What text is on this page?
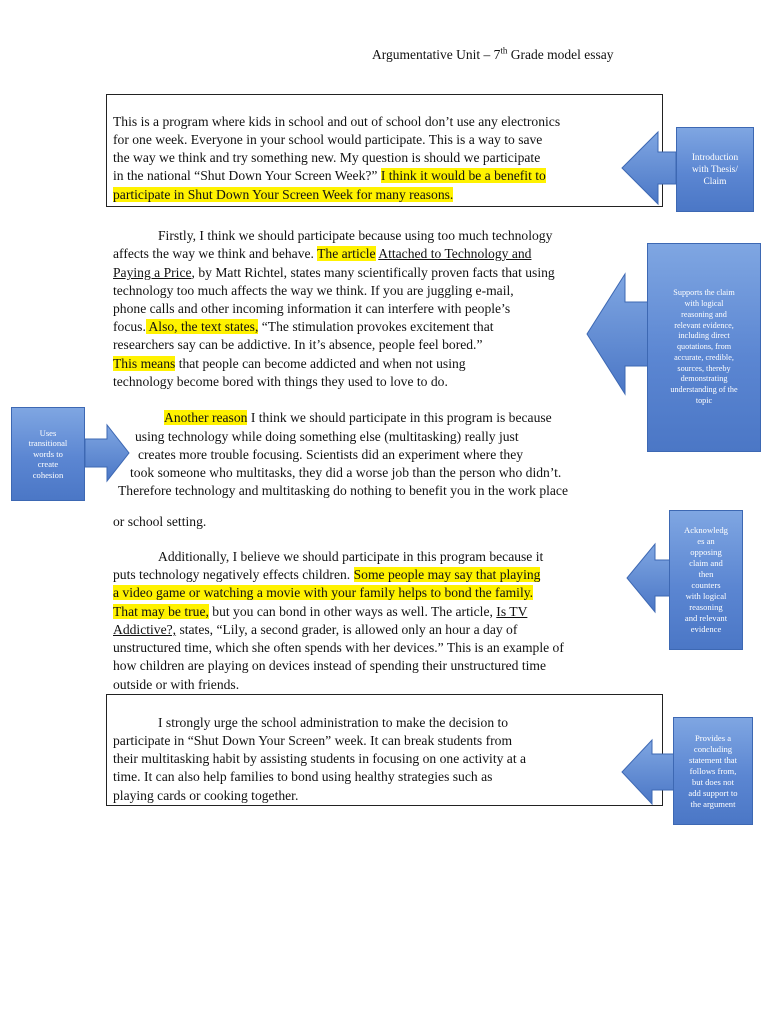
Argumentative Unit – 7th Grade model essay
This is a program where kids in school and out of school don’t use any electronics
for one week. Everyone in your school would participate. This is a way to save
the way we think and try something new. My question is should we participate
in the national “Shut Down Your Screen Week?” I think it would be a benefit to
participate in Shut Down Your Screen Week for many reasons.
Firstly, I think we should participate because using too much technology
affects the way we think and behave. The article Attached to Technology and
Paying a Price, by Matt Richtel, states many scientifically proven facts that using
technology too much affects the way we think. If you are juggling e-mail,
phone calls and other incoming information it can interfere with people’s
focus. Also, the text states, “The stimulation provokes excitement that
researchers say can be addictive. In it’s absence, people feel bored.”
This means that people can become addicted and when not using
technology become bored with things they used to love to do.
Another reason I think we should participate in this program is because
using technology while doing something else (multitasking) really just
creates more trouble focusing. Scientists did an experiment where they
took someone who multitasks, they did a worse job than the person who didn’t.
Therefore technology and multitasking do nothing to benefit you in the work place
or school setting.
Additionally, I believe we should participate in this program because it
puts technology negatively effects children. Some people may say that playing
a video game or watching a movie with your family helps to bond the family.
That may be true, but you can bond in other ways as well. The article, Is TV
Addictive?, states, “Lily, a second grader, is allowed only an hour a day of
unstructured time, which she often spends with her devices.” This is an example of
how children are playing on devices instead of spending their unstructured time
outside or with friends.
I strongly urge the school administration to make the decision to
participate in “Shut Down Your Screen” week. It can break students from
their multitasking habit by assisting students in focusing on one activity at a
time. It can also help families to bond using healthy strategies such as
playing cards or cooking together.
Introduction
with Thesis/
Claim
Supports the claim
with logical
reasoning and
relevant evidence,
including direct
quotations, from
accurate, credible,
sources, thereby
demonstrating
understanding of the
topic
Uses
transitional
words to
create
cohesion
Acknowledg
es an
opposing
claim and
then
counters
with logical
reasoning
and relevant
evidence
Provides a
concluding
statement that
follows from,
but does not
add support to
the argument
